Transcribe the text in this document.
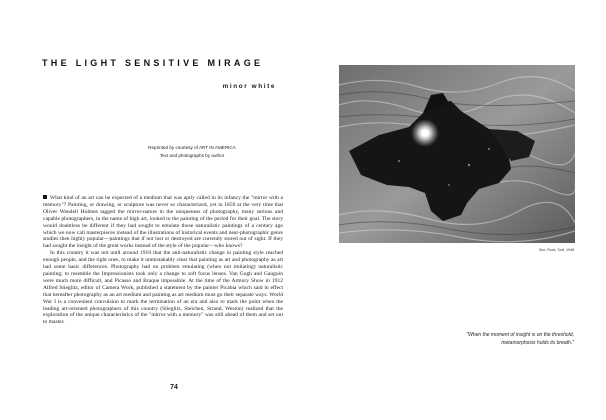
THE LIGHT SENSITIVE MIRAGE
minor white
Reprinted by courtesy of ART IN AMERICA
Text and photographs by author

What kind of an art can be expected of a medium that was aptly called in its infancy the "mirror with a memory"? Painting, or drawing, or sculpture was never so characterized, yet in 1859 at the very time that Oliver Wendell Holmes tagged the mirror-nature in the uniqueness of photography, many serious and capable photographers, in the name of high art, looked to the painting of the period for their goal. The story would doubtless be different if they had sought to emulate those naturalistic paintings of a century ago which we now call masterpieces instead of the illustrations of historical events and near-photographic genre studies then highly popular—paintings that if not lost or destroyed are currently stored out of sight. If they had sought the insight of the great works instead of the style of the popular—who knows?

In this country it was not until around 1910 that the anti-naturalistic change in painting style reached enough people, and the right ones, to make it unmistakably clear that painting as art and photography as art had some basic differences. Photography had no problem emulating (when not imitating) naturalistic painting; to resemble the Impressionists took only a change to soft focus lenses. Van Gogh and Gauguin were much more difficult, and Picasso and Braque impossible. At the time of the Armory Show in 1912 Alfred Stieglitz, editor of Camera Work, published a statement by the painter Picabia which said in effect that hereafter photography as an art medium and painting as art medium must go their separate ways. World War I is a convenient convulsion to mark the termination of an era and also to mark the point when the leading art-oriented photographers of this country (Stieglitz, Steichen, Strand, Weston) realized that the exploration of the unique characteristics of the "mirror with a memory" was still ahead of them and set out to master.

74
Sun, Rock, Surf, 1948
"When the moment of insight is on the threshold,
metamorphosis holds its breath."
